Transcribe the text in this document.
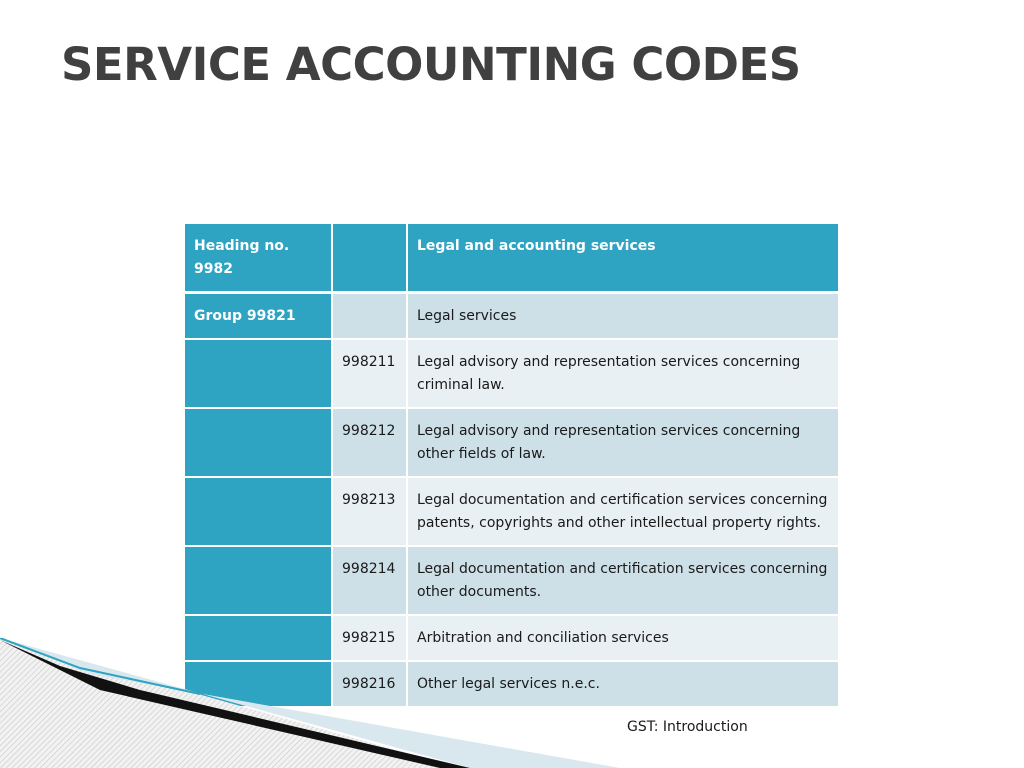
SERVICE ACCOUNTING CODES
Heading no. 9982		Legal and accounting services
Group 99821		Legal services
	998211	Legal advisory and representation services concerning criminal law.
	998212	Legal advisory and representation services concerning other fields of law.
	998213	Legal documentation and certification services concerning patents, copyrights and other intellectual property rights.
	998214	Legal documentation and certification services concerning other documents.
	998215	Arbitration and conciliation services
	998216	Other legal services n.e.c.
GST: Introduction
